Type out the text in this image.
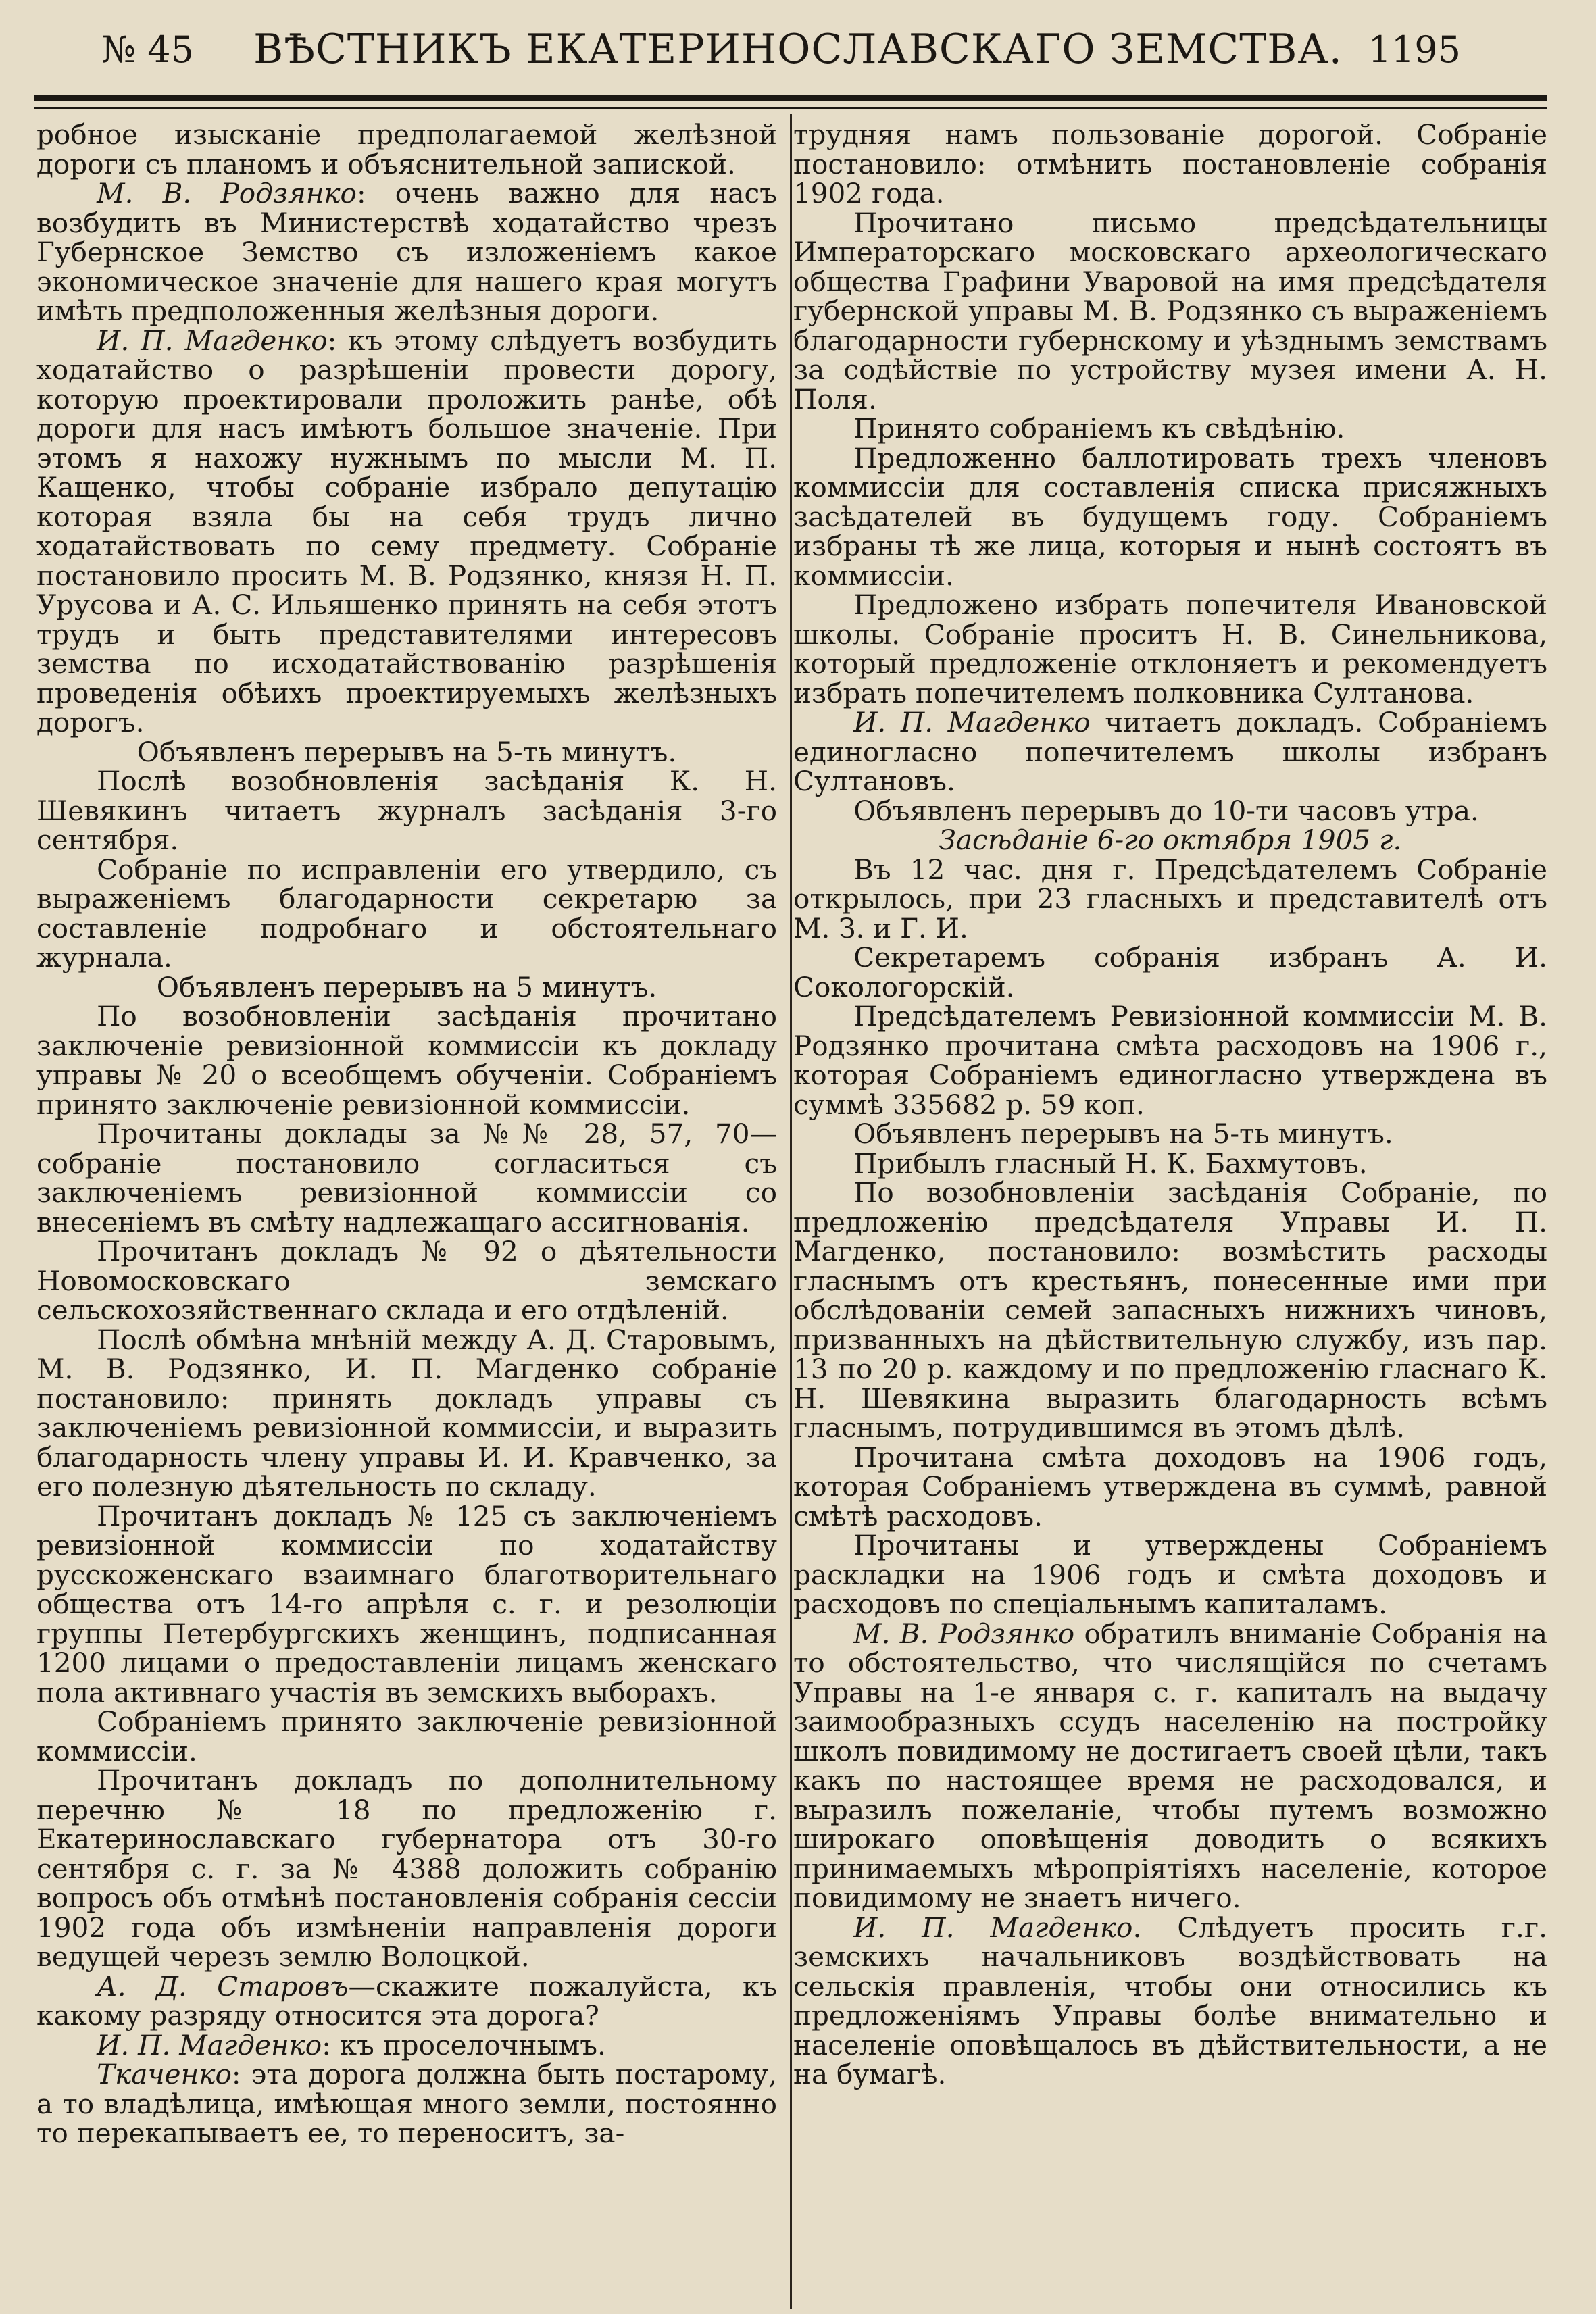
№ 45	ВѢСТНИКЪ ЕКАТЕРИНОСЛАВСКАГО ЗЕМСТВА. 1195

робное изысканіе предполагаемой желѣзной дороги съ планомъ и объяснительной запиской.

М. В. Родзянко: очень важно для насъ возбудить въ Министерствѣ ходатайство чрезъ Губернское Земство съ изложеніемъ какое экономическое значеніе для нашего края могутъ имѣть предположенныя желѣзныя дороги.

И. П. Магденко: къ этому слѣдуетъ возбудить ходатайство о разрѣшеніи провести дорогу, которую проектировали проложить ранѣе, обѣ дороги для насъ имѣютъ большое значеніе. При этомъ я нахожу нужнымъ по мысли М. П. Кащенко, чтобы собраніе избрало депутацію которая взяла бы на себя трудъ лично ходатайствовать по сему предмету. Собраніе постановило просить М. В. Родзянко, князя Н. П. Урусова и А. С. Ильяшенко принять на себя этотъ трудъ и быть представителями интересовъ земства по исходатайствованію разрѣшенія проведенія обѣихъ проектируемыхъ желѣзныхъ дорогъ.

Объявленъ перерывъ на 5-ть минутъ.

Послѣ возобновленія засѣданія К. Н. Шевякинъ читаетъ журналъ засѣданія 3-го сентября.

Собраніе по исправленіи его утвердило, съ выраженіемъ благодарности секретарю за составленіе подробнаго и обстоятельнаго журнала.

Объявленъ перерывъ на 5 минутъ.

По возобновленіи засѣданія прочитано заключеніе ревизіонной коммиссіи къ докладу управы № 20 о всеобщемъ обученіи. Собраніемъ принято заключеніе ревизіонной коммиссіи.

Прочитаны доклады за №№ 28, 57, 70—собраніе постановило согласиться съ заключеніемъ ревизіонной коммиссіи со внесеніемъ въ смѣту надлежащаго ассигнованія.

Прочитанъ докладъ № 92 о дѣятельности Новомосковскаго земскаго сельскохозяйственнаго склада и его отдѣленій.

Послѣ обмѣна мнѣній между А. Д. Старовымъ, М. В. Родзянко, И. П. Магденко собраніе постановило: принять докладъ управы съ заключеніемъ ревизіонной коммиссіи, и выразить благодарность члену управы И. И. Кравченко, за его полезную дѣятельность по складу.

Прочитанъ докладъ № 125 съ заключеніемъ ревизіонной коммиссіи по ходатайству русскоженскаго взаимнаго благотворительнаго общества отъ 14-го апрѣля с. г. и резолюціи группы Петербургскихъ женщинъ, подписанная 1200 лицами о предоставленіи лицамъ женскаго пола активнаго участія въ земскихъ выборахъ.

Собраніемъ принято заключеніе ревизіонной коммиссіи.

Прочитанъ докладъ по дополнительному перечню № 18 по предложенію г. Екатеринославскаго губернатора отъ 30-го сентября с. г. за № 4388 доложить собранію вопросъ объ отмѣнѣ постановленія собранія сессіи 1902 года объ измѣненіи направленія дороги ведущей черезъ землю Волоцкой.

А. Д. Старовъ—скажите пожалуйста, къ какому разряду относится эта дорога?

И. П. Магденко: къ проселочнымъ.

Ткаченко: эта дорога должна быть постарому, а то владѣлица, имѣющая много земли, постоянно то перекапываетъ ее, то переноситъ, за-

трудняя намъ пользованіе дорогой. Собраніе постановило: отмѣнить постановленіе собранія 1902 года.

Прочитано письмо предсѣдательницы Императорскаго московскаго археологическаго общества Графини Уваровой на имя предсѣдателя губернской управы М. В. Родзянко съ выраженіемъ благодарности губернскому и уѣзднымъ земствамъ за содѣйствіе по устройству музея имени А. Н. Поля.

Принято собраніемъ къ свѣдѣнію.

Предложенно баллотировать трехъ членовъ коммиссіи для составленія списка присяжныхъ засѣдателей въ будущемъ году. Собраніемъ избраны тѣ же лица, которыя и нынѣ состоятъ въ коммиссіи.

Предложено избрать попечителя Ивановской школы. Собраніе проситъ Н. В. Синельникова, который предложеніе отклоняетъ и рекомендуетъ избрать попечителемъ полковника Султанова.

И. П. Магденко читаетъ докладъ. Собраніемъ единогласно попечителемъ школы избранъ Султановъ.

Объявленъ перерывъ до 10-ти часовъ утра.

Засѣданіе 6-го октября 1905 г.

Въ 12 час. дня г. Предсѣдателемъ Собраніе открылось, при 23 гласныхъ и представителѣ отъ М. З. и Г. И.

Секретаремъ собранія избранъ А. И. Сокологорскій.

Предсѣдателемъ Ревизіонной коммиссіи М. В. Родзянко прочитана смѣта расходовъ на 1906 г., которая Собраніемъ единогласно утверждена въ суммѣ 335682 р. 59 коп.

Объявленъ перерывъ на 5-ть минутъ.

Прибылъ гласный Н. К. Бахмутовъ.

По возобновленіи засѣданія Собраніе, по предложенію предсѣдателя Управы И. П. Магденко, постановило: возмѣстить расходы гласнымъ отъ крестьянъ, понесенные ими при обслѣдованіи семей запасныхъ нижнихъ чиновъ, призванныхъ на дѣйствительную службу, изъ пар. 13 по 20 р. каждому и по предложенію гласнаго К. Н. Шевякина выразить благодарность всѣмъ гласнымъ, потрудившимся въ этомъ дѣлѣ.

Прочитана смѣта доходовъ на 1906 годъ, которая Собраніемъ утверждена въ суммѣ, равной смѣтѣ расходовъ.

Прочитаны и утверждены Собраніемъ раскладки на 1906 годъ и смѣта доходовъ и расходовъ по спеціальнымъ капиталамъ.

М. В. Родзянко обратилъ вниманіе Собранія на то обстоятельство, что числящійся по счетамъ Управы на 1-е января с. г. капиталъ на выдачу заимообразныхъ ссудъ населенію на постройку школъ повидимому не достигаетъ своей цѣли, такъ какъ по настоящее время не расходовался, и выразилъ пожеланіе, чтобы путемъ возможно широкаго оповѣщенія доводить о всякихъ принимаемыхъ мѣропріятіяхъ населеніе, которое повидимому не знаетъ ничего.

И. П. Магденко. Слѣдуетъ просить г.г. земскихъ начальниковъ воздѣйствовать на сельскія правленія, чтобы они относились къ предложеніямъ Управы болѣе внимательно и населеніе оповѣщалось въ дѣйствительности, а не на бумагѣ.
